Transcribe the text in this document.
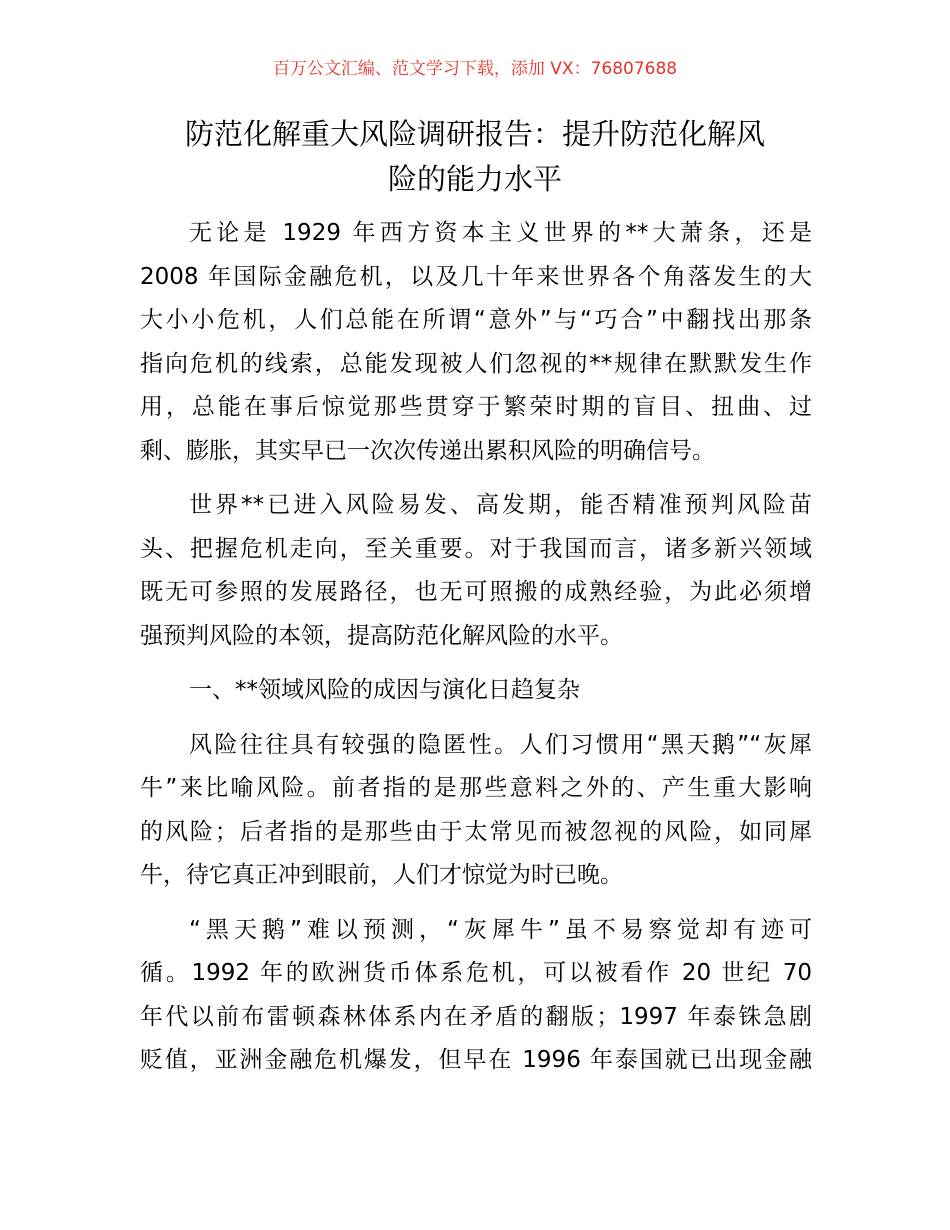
百万公文汇编、范文学习下载，添加 VX：76807688
防范化解重大风险调研报告：提升防范化解风
险的能力水平

无论是 1929 年西方资本主义世界的**大萧条，还是
2008 年国际金融危机，以及几十年来世界各个角落发生的大
大小小危机，人们总能在所谓“意外”与“巧合”中翻找出那条
指向危机的线索，总能发现被人们忽视的**规律在默默发生作
用，总能在事后惊觉那些贯穿于繁荣时期的盲目、扭曲、过
剩、膨胀，其实早已一次次传递出累积风险的明确信号。

世界**已进入风险易发、高发期，能否精准预判风险苗
头、把握危机走向，至关重要。对于我国而言，诸多新兴领域
既无可参照的发展路径，也无可照搬的成熟经验，为此必须增
强预判风险的本领，提高防范化解风险的水平。

一、**领域风险的成因与演化日趋复杂

风险往往具有较强的隐匿性。人们习惯用“黑天鹅”“灰犀
牛”来比喻风险。前者指的是那些意料之外的、产生重大影响
的风险；后者指的是那些由于太常见而被忽视的风险，如同犀
牛，待它真正冲到眼前，人们才惊觉为时已晚。

“黑天鹅”难以预测，“灰犀牛”虽不易察觉却有迹可
循。1992 年的欧洲货币体系危机，可以被看作 20 世纪 70
年代以前布雷顿森林体系内在矛盾的翻版；1997 年泰铢急剧
贬值，亚洲金融危机爆发，但早在 1996 年泰国就已出现金融
